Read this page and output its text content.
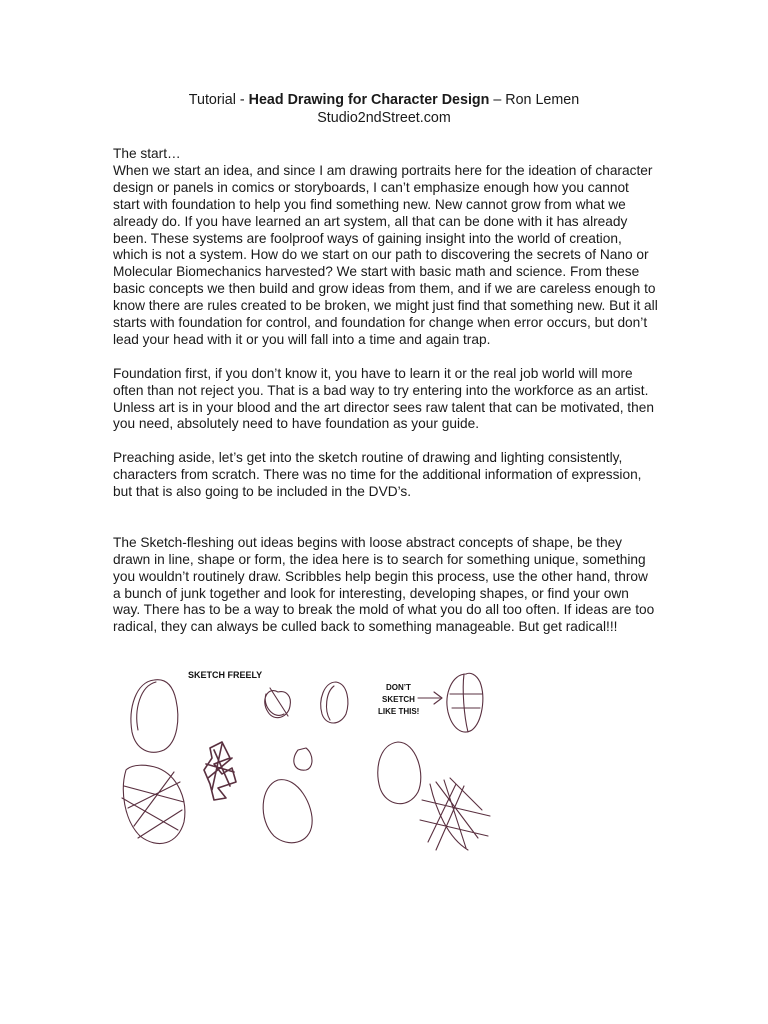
Tutorial - Head Drawing for Character Design – Ron Lemen
Studio2ndStreet.com

The start…
When we start an idea, and since I am drawing portraits here for the ideation of character design or panels in comics or storyboards, I can’t emphasize enough how you cannot start with foundation to help you find something new. New cannot grow from what we already do. If you have learned an art system, all that can be done with it has already been. These systems are foolproof ways of gaining insight into the world of creation, which is not a system. How do we start on our path to discovering the secrets of Nano or Molecular Biomechanics harvested? We start with basic math and science. From these basic concepts we then build and grow ideas from them, and if we are careless enough to know there are rules created to be broken, we might just find that something new. But it all starts with foundation for control, and foundation for change when error occurs, but don’t lead your head with it or you will fall into a time and again trap.

Foundation first, if you don’t know it, you have to learn it or the real job world will more often than not reject you. That is a bad way to try entering into the workforce as an artist. Unless art is in your blood and the art director sees raw talent that can be motivated, then you need, absolutely need to have foundation as your guide.

Preaching aside, let’s get into the sketch routine of drawing and lighting consistently, characters from scratch. There was no time for the additional information of expression, but that is also going to be included in the DVD’s.

The Sketch-fleshing out ideas begins with loose abstract concepts of shape, be they drawn in line, shape or form, the idea here is to search for something unique, something you wouldn’t routinely draw. Scribbles help begin this process, use the other hand, throw a bunch of junk together and look for interesting, developing shapes, or find your own way. There has to be a way to break the mold of what you do all too often. If ideas are too radical, they can always be culled back to something manageable. But get radical!!!

SKETCH FREELY
DON’T
SKETCH
LIKE THIS!
